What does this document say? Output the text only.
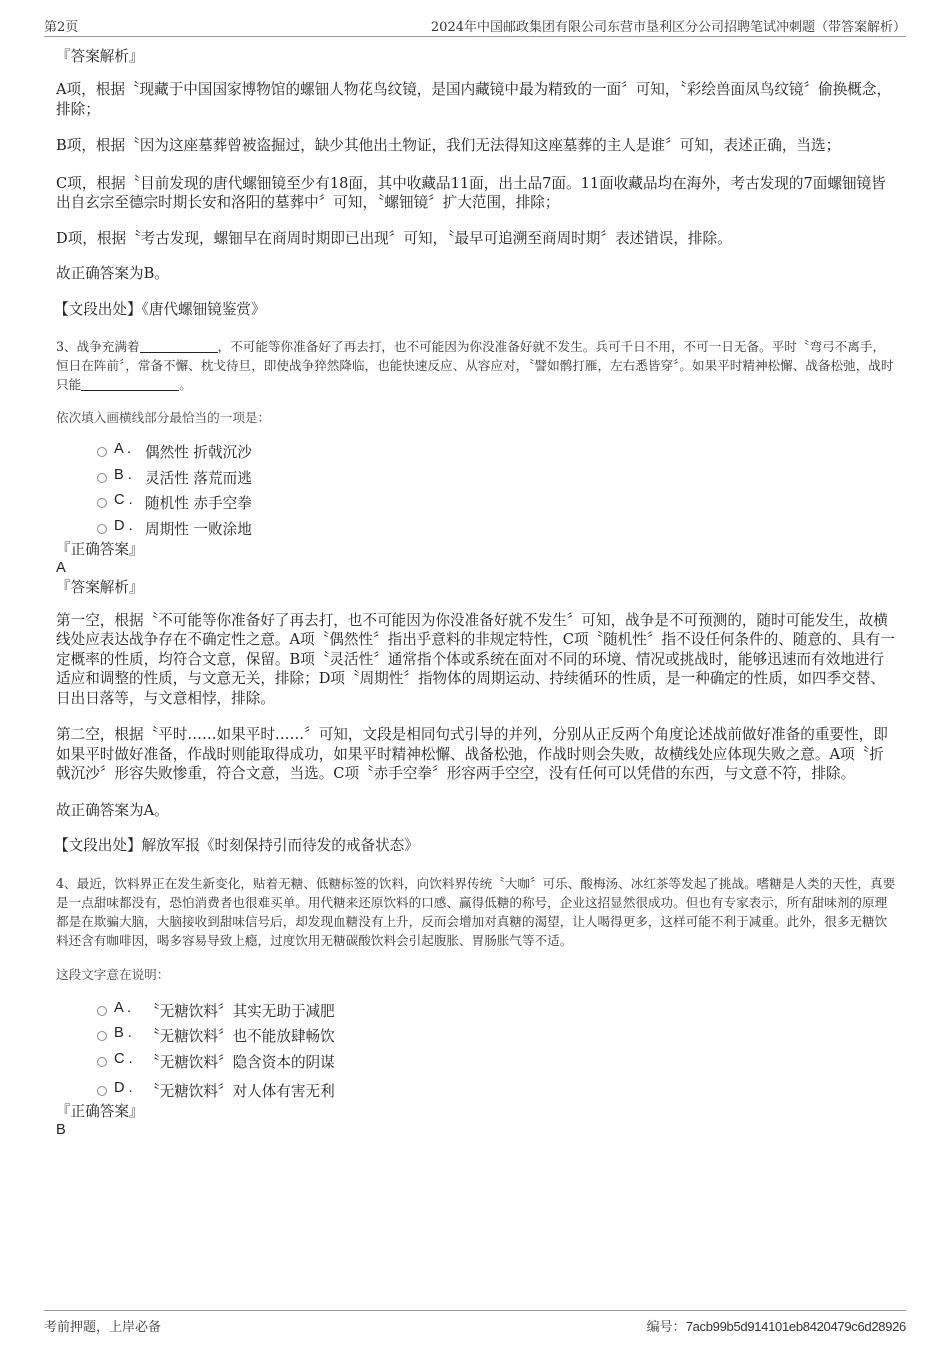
第2页	2024年中国邮政集团有限公司东营市垦利区分公司招聘笔试冲刺题（带答案解析）

『答案解析』

A项，根据〝现藏于中国国家博物馆的螺钿人物花鸟纹镜，是国内藏镜中最为精致的一面〞可知，〝彩绘兽面凤鸟纹镜〞偷换概念，排除；

B项，根据〝因为这座墓葬曾被盗掘过，缺少其他出土物证，我们无法得知这座墓葬的主人是谁〞可知，表述正确，当选；

C项，根据〝目前发现的唐代螺钿镜至少有18面，其中收藏品11面，出土品7面。11面收藏品均在海外，考古发现的7面螺钿镜皆出自玄宗至德宗时期长安和洛阳的墓葬中〞可知，〝螺钿镜〞扩大范围，排除；

D项，根据〝考古发现，螺钿早在商周时期即已出现〞可知，〝最早可追溯至商周时期〞表述错误，排除。

故正确答案为B。

【文段出处】《唐代螺钿镜鉴赏》

3、战争充满着	，不可能等你准备好了再去打，也不可能因为你没准备好就不发生。兵可千日不用，不可一日无备。平时〝弯弓不离手，恒日在阵前〞，常备不懈、枕戈待旦，即使战争猝然降临，也能快速反应、从容应对，〝譬如鹘打雁，左右悉皆穿〞。如果平时精神松懈、战备松弛，战时只能	。

依次填入画横线部分最恰当的一项是：

A . 偶然性 折戟沉沙
B . 灵活性 落荒而逃
C . 随机性 赤手空拳
D . 周期性 一败涂地

『正确答案』

A

『答案解析』

第一空，根据〝不可能等你准备好了再去打，也不可能因为你没准备好就不发生〞可知，战争是不可预测的，随时可能发生，故横线处应表达战争存在不确定性之意。A项〝偶然性〞指出乎意料的非规定特性，C项〝随机性〞指不设任何条件的、随意的、具有一定概率的性质，均符合文意，保留。B项〝灵活性〞通常指个体或系统在面对不同的环境、情况或挑战时，能够迅速而有效地进行适应和调整的性质，与文意无关，排除；D项〝周期性〞指物体的周期运动、持续循环的性质，是一种确定的性质，如四季交替、日出日落等，与文意相悖，排除。

第二空，根据〝平时……如果平时……〞可知，文段是相同句式引导的并列，分别从正反两个角度论述战前做好准备的重要性，即如果平时做好准备，作战时则能取得成功，如果平时精神松懈、战备松弛，作战时则会失败，故横线处应体现失败之意。A项〝折戟沉沙〞形容失败惨重，符合文意，当选。C项〝赤手空拳〞形容两手空空，没有任何可以凭借的东西，与文意不符，排除。

故正确答案为A。

【文段出处】解放军报《时刻保持引而待发的戒备状态》

4、最近，饮料界正在发生新变化，贴着无糖、低糖标签的饮料，向饮料界传统〝大咖〞可乐、酸梅汤、冰红茶等发起了挑战。嗜糖是人类的天性，真要是一点甜味都没有，恐怕消费者也很难买单。用代糖来还原饮料的口感、赢得低糖的称号，企业这招显然很成功。但也有专家表示，所有甜味剂的原理都是在欺骗大脑，大脑接收到甜味信号后，却发现血糖没有上升，反而会增加对真糖的渴望，让人喝得更多，这样可能不利于减重。此外，很多无糖饮料还含有咖啡因，喝多容易导致上瘾，过度饮用无糖碳酸饮料会引起腹胀、胃肠胀气等不适。

这段文字意在说明：

A . 〝无糖饮料〞其实无助于减肥
B . 〝无糖饮料〞也不能放肆畅饮
C . 〝无糖饮料〞隐含资本的阴谋
D . 〝无糖饮料〞对人体有害无利

『正确答案』

B

考前押题，上岸必备	编号：7acb99b5d914101eb8420479c6d28926
